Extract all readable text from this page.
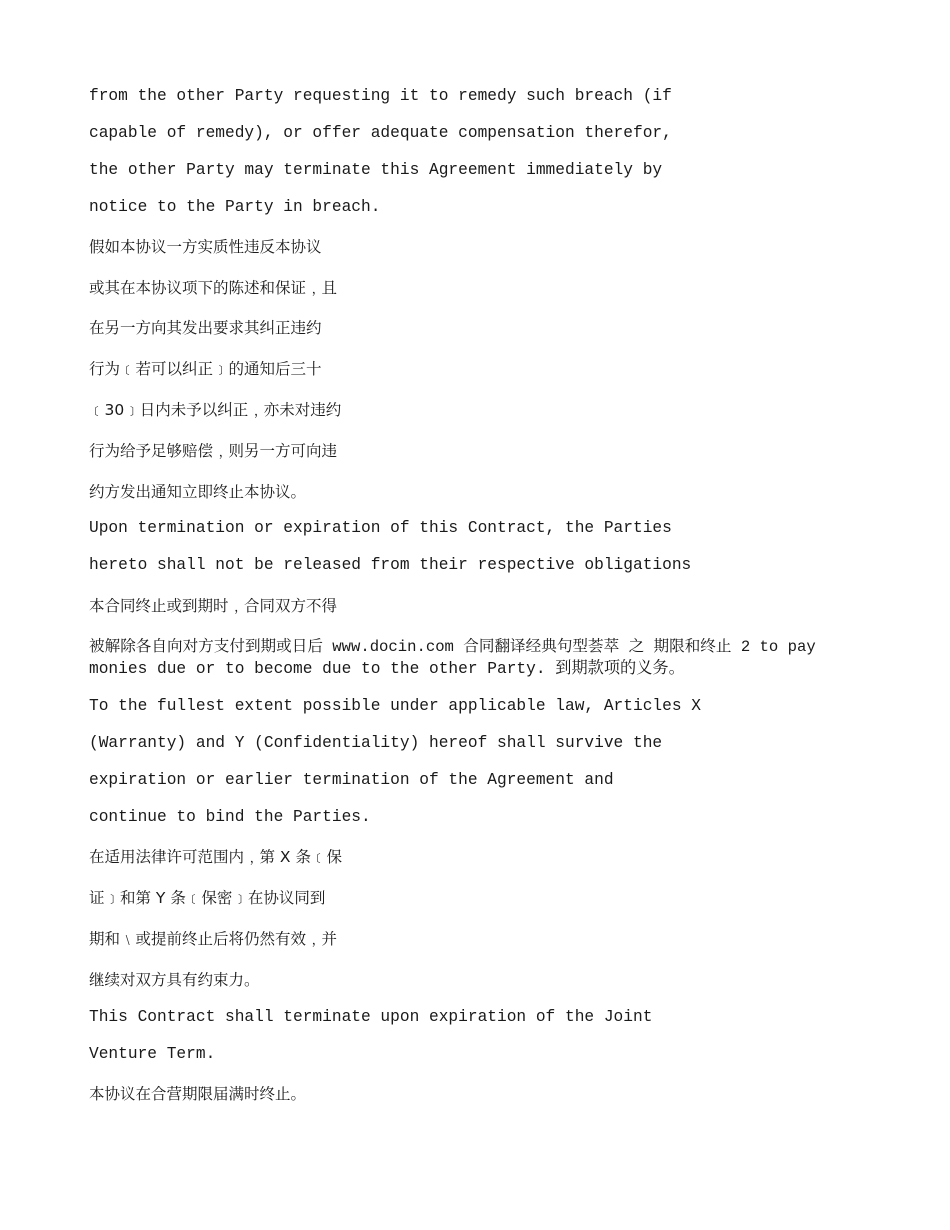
from the other Party requesting it to remedy such breach (if
capable of remedy), or offer adequate compensation therefor,
the other Party may terminate this Agreement immediately by
notice to the Party in breach.
假如本协议一方实质性违反本协议
或其在本协议项下的陈述和保证﹐且
在另一方向其发出要求其纠正违约
行为﹝若可以纠正﹞的通知后三十
﹝30﹞日内未予以纠正﹐亦未对违约
行为给予足够赔偿﹐则另一方可向违
约方发出通知立即终止本协议。
Upon termination or expiration of this Contract, the Parties
hereto shall not be released from their respective obligations
本合同终止或到期时﹐合同双方不得
被解除各自向对方支付到期或日后 www.docin.com 合同翻译经典句型荟萃 之 期限和终止 2 to pay
monies due or to become due to the other Party. 到期款项的义务。
To the fullest extent possible under applicable law, Articles X
(Warranty) and Y (Confidentiality) hereof shall survive the
expiration or earlier termination of the Agreement and
continue to bind the Parties.
在适用法律许可范围内﹐第 X 条﹝保
证﹞和第 Y 条﹝保密﹞在协议同到
期和﹨或提前终止后将仍然有效﹐并
继续对双方具有约束力。
This Contract shall terminate upon expiration of the Joint
Venture Term.
本协议在合营期限届满时终止。
